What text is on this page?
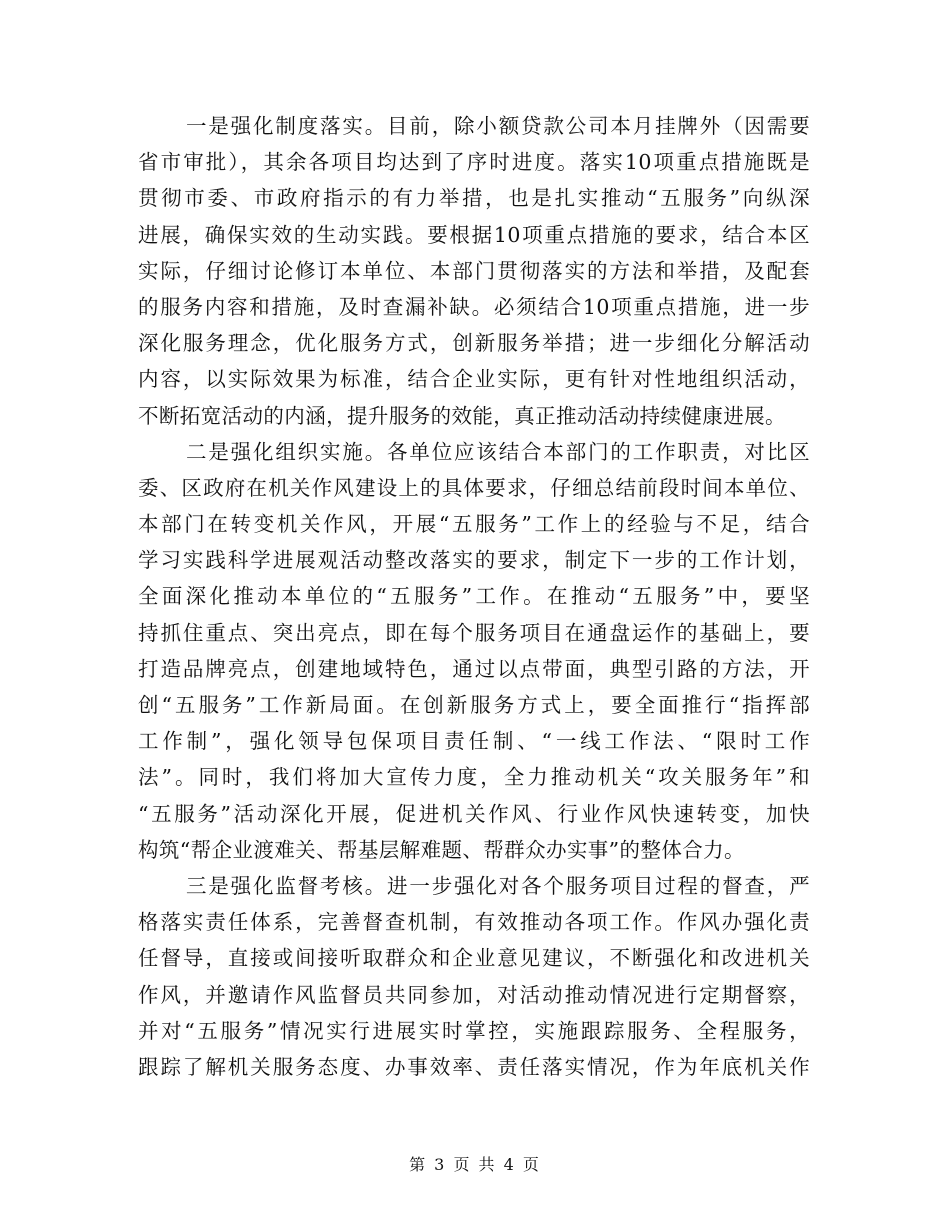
一是强化制度落实。目前，除小额贷款公司本月挂牌外（因需要
省市审批），其余各项目均达到了序时进度。落实10项重点措施既是
贯彻市委、市政府指示的有力举措，也是扎实推动“五服务”向纵深
进展，确保实效的生动实践。要根据10项重点措施的要求，结合本区
实际，仔细讨论修订本单位、本部门贯彻落实的方法和举措，及配套
的服务内容和措施，及时查漏补缺。必须结合10项重点措施，进一步
深化服务理念，优化服务方式，创新服务举措；进一步细化分解活动
内容，以实际效果为标准，结合企业实际，更有针对性地组织活动，
不断拓宽活动的内涵，提升服务的效能，真正推动活动持续健康进展。
二是强化组织实施。各单位应该结合本部门的工作职责，对比区
委、区政府在机关作风建设上的具体要求，仔细总结前段时间本单位、
本部门在转变机关作风，开展“五服务”工作上的经验与不足，结合
学习实践科学进展观活动整改落实的要求，制定下一步的工作计划，
全面深化推动本单位的“五服务”工作。在推动“五服务”中，要坚
持抓住重点、突出亮点，即在每个服务项目在通盘运作的基础上，要
打造品牌亮点，创建地域特色，通过以点带面，典型引路的方法，开
创“五服务”工作新局面。在创新服务方式上，要全面推行“指挥部
工作制”，强化领导包保项目责任制、“一线工作法、“限时工作
法”。同时，我们将加大宣传力度，全力推动机关“攻关服务年”和
“五服务”活动深化开展，促进机关作风、行业作风快速转变，加快
构筑“帮企业渡难关、帮基层解难题、帮群众办实事”的整体合力。
三是强化监督考核。进一步强化对各个服务项目过程的督查，严
格落实责任体系，完善督查机制，有效推动各项工作。作风办强化责
任督导，直接或间接听取群众和企业意见建议，不断强化和改进机关
作风，并邀请作风监督员共同参加，对活动推动情况进行定期督察，
并对“五服务”情况实行进展实时掌控，实施跟踪服务、全程服务，
跟踪了解机关服务态度、办事效率、责任落实情况，作为年底机关作
第 3 页 共 4 页
